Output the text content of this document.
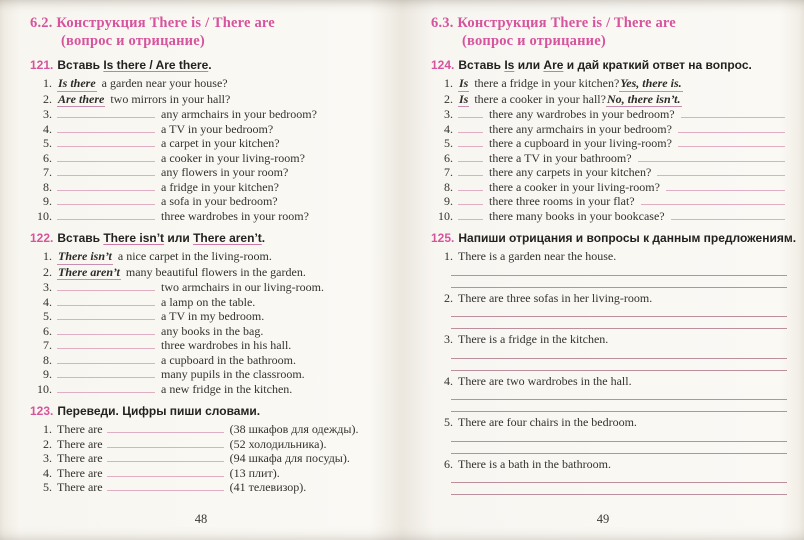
6.2. Конструкция There is / There are
(вопрос и отрицание)
121. Вставь Is there / Are there.
1. Is there a garden near your house?
2. Are there two mirrors in your hall?
3.	any armchairs in your bedroom?
4.	a TV in your bedroom?
5.	a carpet in your kitchen?
6.	a cooker in your living-room?
7.	any flowers in your room?
8.	a fridge in your kitchen?
9.	a sofa in your bedroom?
10.	three wardrobes in your room?
122. Вставь There isn’t или There aren’t.
1. There isn’t a nice carpet in the living-room.
2. There aren’t many beautiful flowers in the garden.
3.	two armchairs in our living-room.
4.	a lamp on the table.
5.	a TV in my bedroom.
6.	any books in the bag.
7.	three wardrobes in his hall.
8.	a cupboard in the bathroom.
9.	many pupils in the classroom.
10.	a new fridge in the kitchen.
123. Переведи. Цифры пиши словами.
1. There are	(38 шкафов для одежды).
2. There are	(52 холодильника).
3. There are	(94 шкафа для посуды).
4. There are	(13 плит).
5. There are	(41 телевизор).
48
6.3. Конструкция There is / There are
(вопрос и отрицание)
124. Вставь Is или Are и дай краткий ответ на вопрос.
1. Is there a fridge in your kitchen? Yes, there is.
2. Is there a cooker in your hall? No, there isn’t.
3.	there any wardrobes in your bedroom?
4.	there any armchairs in your bedroom?
5.	there a cupboard in your living-room?
6.	there a TV in your bathroom?
7.	there any carpets in your kitchen?
8.	there a cooker in your living-room?
9.	there three rooms in your flat?
10.	there many books in your bookcase?
125. Напиши отрицания и вопросы к данным предложениям.
1. There is a garden near the house.
2. There are three sofas in her living-room.
3. There is a fridge in the kitchen.
4. There are two wardrobes in the hall.
5. There are four chairs in the bedroom.
6. There is a bath in the bathroom.
49
